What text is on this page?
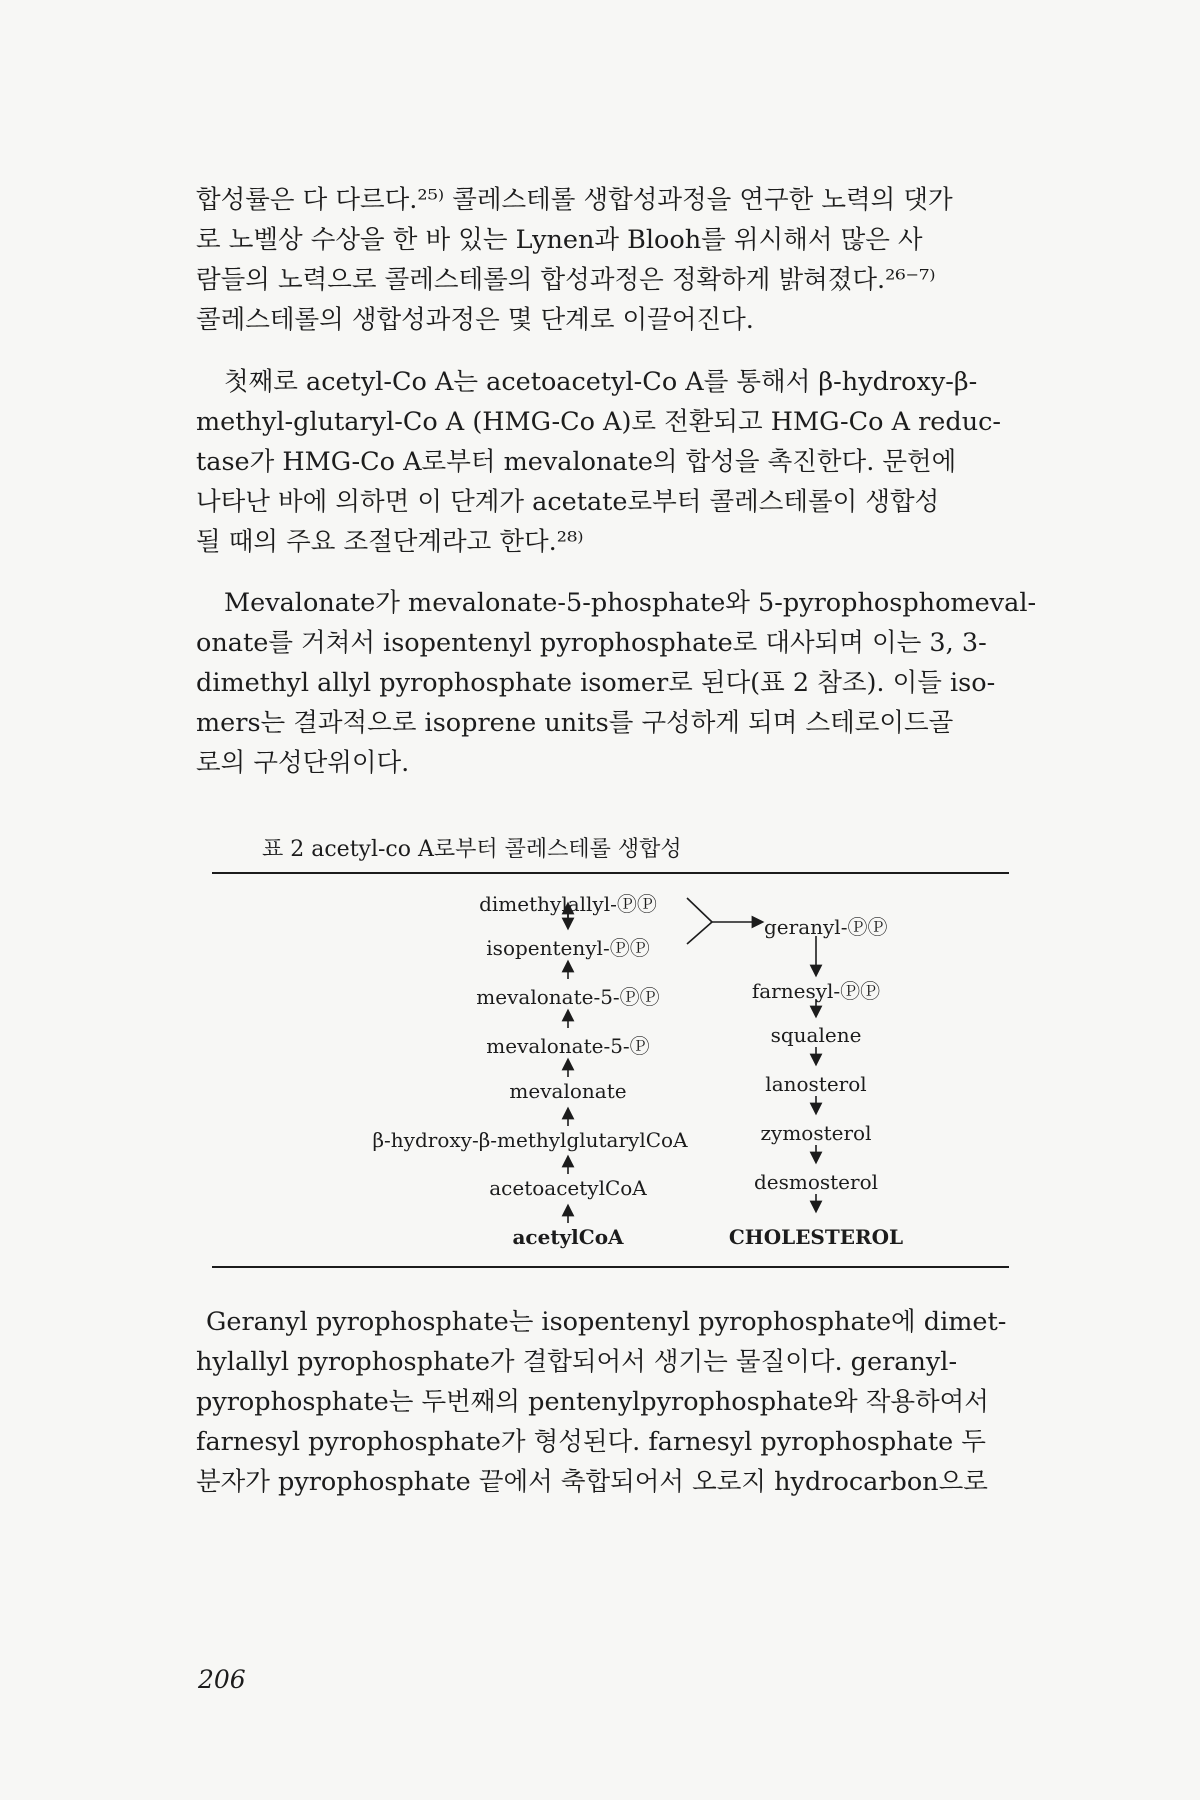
합성률은 다 다르다.²⁵⁾ 콜레스테롤 생합성과정을 연구한 노력의 댓가
로 노벨상 수상을 한 바 있는 Lynen과 Blooh를 위시해서 많은 사
람들의 노력으로 콜레스테롤의 합성과정은 정확하게 밝혀졌다.²⁶⁻⁷⁾
콜레스테롤의 생합성과정은 몇 단계로 이끌어진다.

첫째로 acetyl-Co A는 acetoacetyl-Co A를 통해서 β-hydroxy-β-
methyl-glutaryl-Co A (HMG-Co A)로 전환되고 HMG-Co A reduc-
tase가 HMG-Co A로부터 mevalonate의 합성을 촉진한다. 문헌에
나타난 바에 의하면 이 단계가 acetate로부터 콜레스테롤이 생합성
될 때의 주요 조절단계라고 한다.²⁸⁾

Mevalonate가 mevalonate-5-phosphate와 5-pyrophosphomeval-
onate를 거쳐서 isopentenyl pyrophosphate로 대사되며 이는 3, 3-
dimethyl allyl pyrophosphate isomer로 된다(표 2 참조). 이들 iso-
mers는 결과적으로 isoprene units를 구성하게 되며 스테로이드골
로의 구성단위이다.

표 2 acetyl-co A로부터 콜레스테롤 생합성
dimethylallyl-ⓅⓅ
isopentenyl-ⓅⓅ
mevalonate-5-ⓅⓅ
mevalonate-5-Ⓟ
mevalonate
β-hydroxy-β-methylglutarylCoA
acetoacetylCoA
acetylCoA
geranyl-ⓅⓅ
farnesyl-ⓅⓅ
squalene
lanosterol
zymosterol
desmosterol
CHOLESTEROL

Geranyl pyrophosphate는 isopentenyl pyrophosphate에 dimet-
hylallyl pyrophosphate가 결합되어서 생기는 물질이다. geranyl-
pyrophosphate는 두번째의 pentenylpyrophosphate와 작용하여서
farnesyl pyrophosphate가 형성된다. farnesyl pyrophosphate 두
분자가 pyrophosphate 끝에서 축합되어서 오로지 hydrocarbon으로

206
